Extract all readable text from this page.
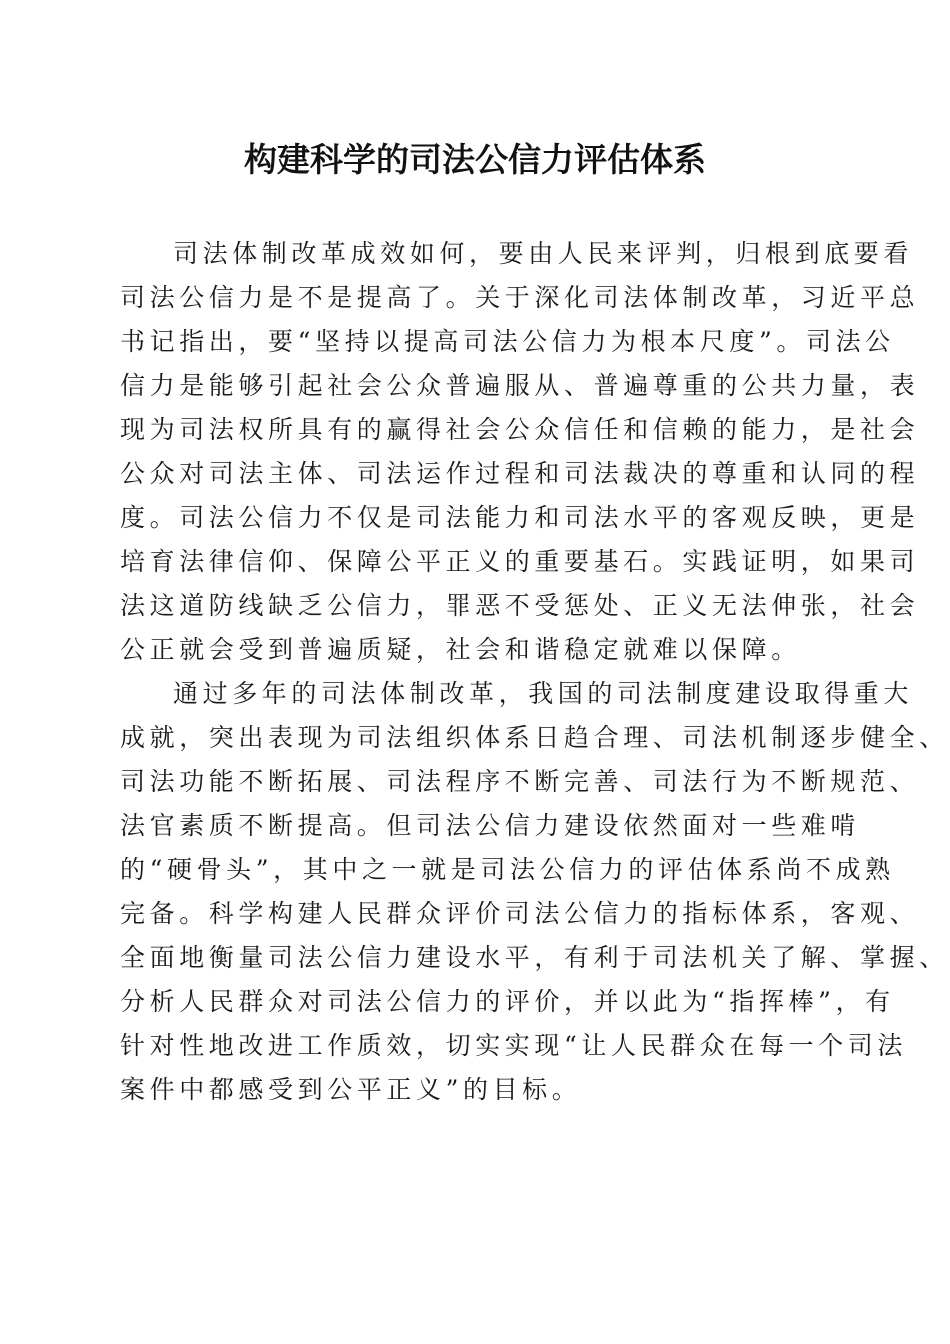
构建科学的司法公信力评估体系
司法体制改革成效如何，要由人民来评判，归根到底要看
司法公信力是不是提高了。关于深化司法体制改革，习近平总
书记指出，要“坚持以提高司法公信力为根本尺度”。司法公
信力是能够引起社会公众普遍服从、普遍尊重的公共力量，表
现为司法权所具有的赢得社会公众信任和信赖的能力，是社会
公众对司法主体、司法运作过程和司法裁决的尊重和认同的程
度。司法公信力不仅是司法能力和司法水平的客观反映，更是
培育法律信仰、保障公平正义的重要基石。实践证明，如果司
法这道防线缺乏公信力，罪恶不受惩处、正义无法伸张，社会
公正就会受到普遍质疑，社会和谐稳定就难以保障。
通过多年的司法体制改革，我国的司法制度建设取得重大
成就，突出表现为司法组织体系日趋合理、司法机制逐步健全、
司法功能不断拓展、司法程序不断完善、司法行为不断规范、
法官素质不断提高。但司法公信力建设依然面对一些难啃
的“硬骨头”，其中之一就是司法公信力的评估体系尚不成熟
完备。科学构建人民群众评价司法公信力的指标体系，客观、
全面地衡量司法公信力建设水平，有利于司法机关了解、掌握、
分析人民群众对司法公信力的评价，并以此为“指挥棒”，有
针对性地改进工作质效，切实实现“让人民群众在每一个司法
案件中都感受到公平正义”的目标。
